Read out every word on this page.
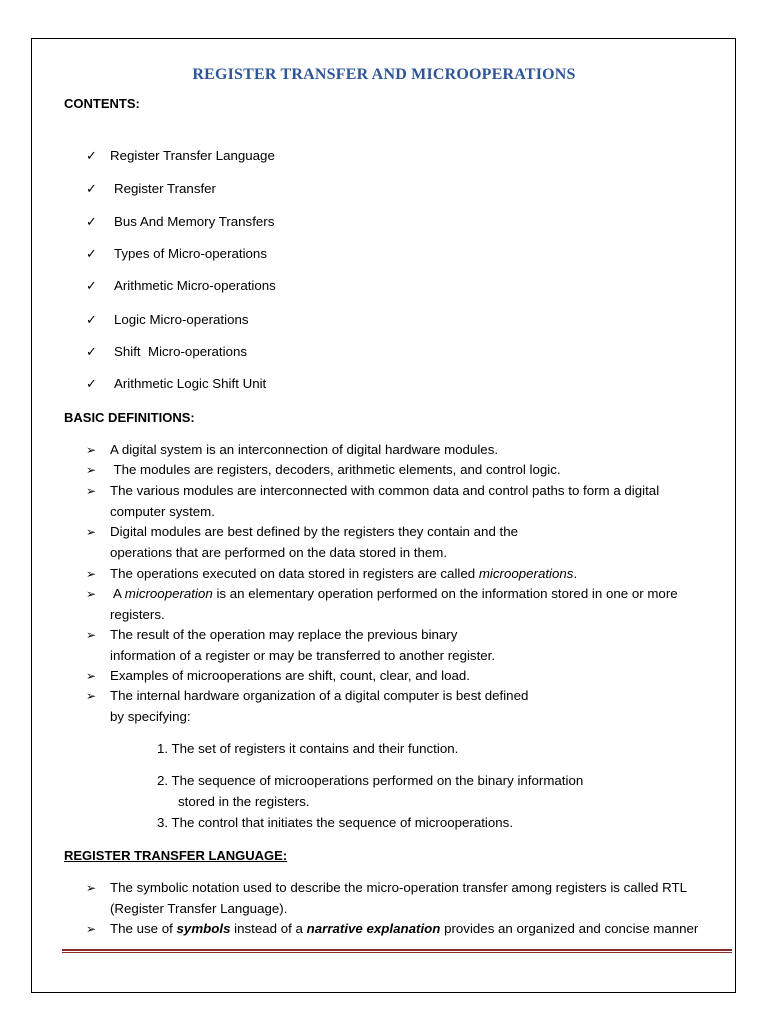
REGISTER TRANSFER AND MICROOPERATIONS
CONTENTS:
✓ Register Transfer Language
✓ Register Transfer
✓ Bus And Memory Transfers
✓ Types of Micro-operations
✓ Arithmetic Micro-operations
✓ Logic Micro-operations
✓ Shift  Micro-operations
✓ Arithmetic Logic Shift Unit
BASIC DEFINITIONS:
➢ A digital system is an interconnection of digital hardware modules.
➢ The modules are registers, decoders, arithmetic elements, and control logic.
➢ The various modules are interconnected with common data and control paths to form a digital
computer system.
➢ Digital modules are best defined by the registers they contain and the
operations that are performed on the data stored in them.
➢ The operations executed on data stored in registers are called microoperations.
➢ A microoperation is an elementary operation performed on the information stored in one or more
registers.
➢ The result of the operation may replace the previous binary
information of a register or may be transferred to another register.
➢ Examples of microoperations are shift, count, clear, and load.
➢ The internal hardware organization of a digital computer is best defined
by specifying:
1. The set of registers it contains and their function.
2. The sequence of microoperations performed on the binary information
stored in the registers.
3. The control that initiates the sequence of microoperations.
REGISTER TRANSFER LANGUAGE:
➢ The symbolic notation used to describe the micro-operation transfer among registers is called RTL
(Register Transfer Language).
➢ The use of symbols instead of a narrative explanation provides an organized and concise manner
